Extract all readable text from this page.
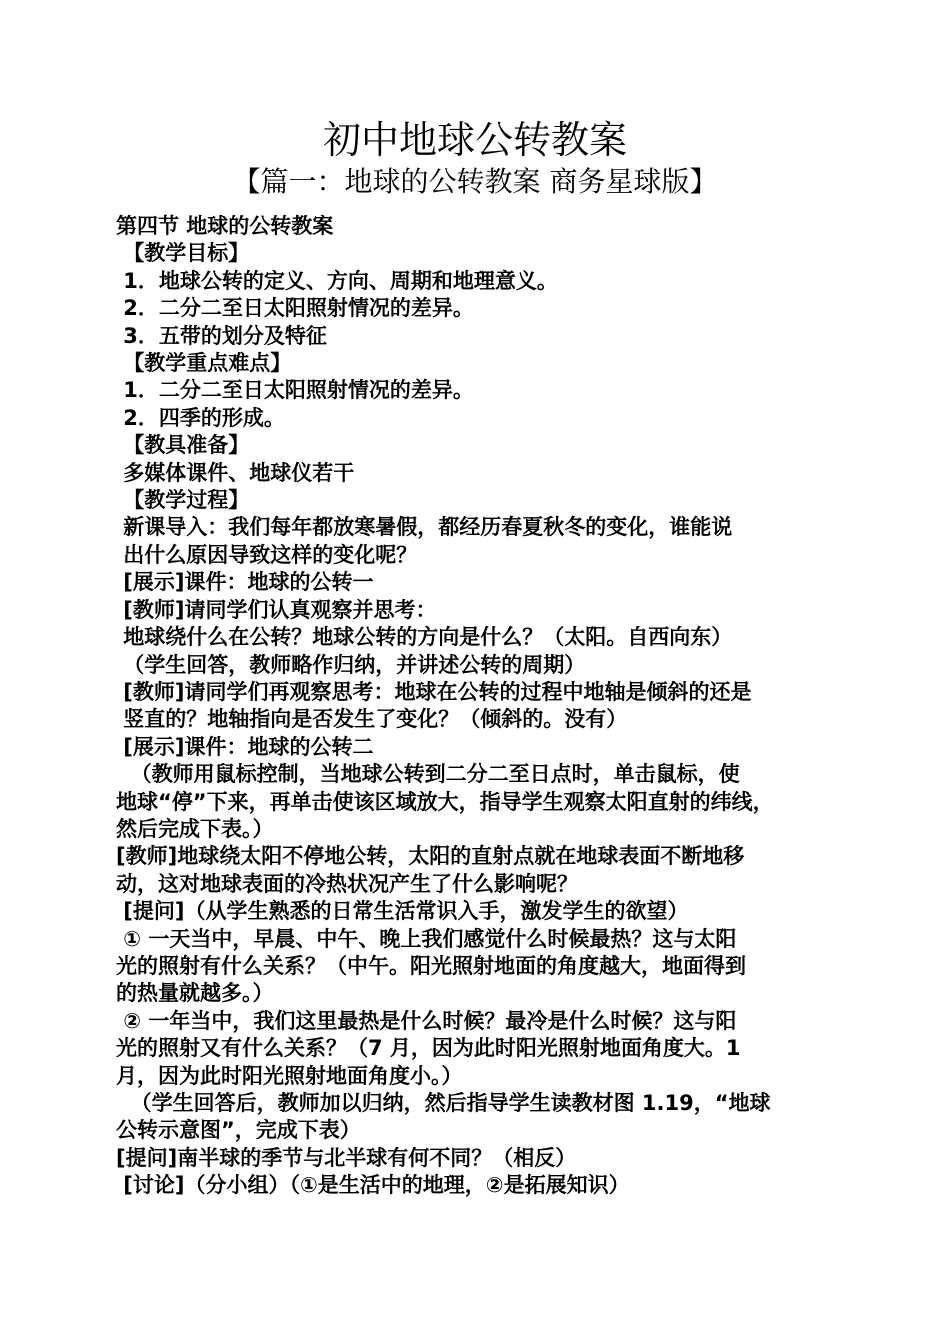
初中地球公转教案
【篇一：地球的公转教案 商务星球版】
第四节 地球的公转教案
【教学目标】
1．地球公转的定义、方向、周期和地理意义。
2．二分二至日太阳照射情况的差异。
3．五带的划分及特征
【教学重点难点】
1．二分二至日太阳照射情况的差异。
2．四季的形成。
【教具准备】
多媒体课件、地球仪若干
【教学过程】
新课导入：我们每年都放寒暑假，都经历春夏秋冬的变化，谁能说
出什么原因导致这样的变化呢？
[展示]课件：地球的公转一
[教师]请同学们认真观察并思考：
地球绕什么在公转？地球公转的方向是什么？（太阳。自西向东）
（学生回答，教师略作归纳，并讲述公转的周期）
[教师]请同学们再观察思考：地球在公转的过程中地轴是倾斜的还是
竖直的？地轴指向是否发生了变化？（倾斜的。没有）
[展示]课件：地球的公转二
（教师用鼠标控制，当地球公转到二分二至日点时，单击鼠标，使
地球“停”下来，再单击使该区域放大，指导学生观察太阳直射的纬线，
然后完成下表。）
[教师]地球绕太阳不停地公转，太阳的直射点就在地球表面不断地移
动，这对地球表面的冷热状况产生了什么影响呢？
[提问]（从学生熟悉的日常生活常识入手，激发学生的欲望）
① 一天当中，早晨、中午、晚上我们感觉什么时候最热？这与太阳
光的照射有什么关系？（中午。阳光照射地面的角度越大，地面得到
的热量就越多。）
② 一年当中，我们这里最热是什么时候？最冷是什么时候？这与阳
光的照射又有什么关系？（7 月，因为此时阳光照射地面角度大。1
月，因为此时阳光照射地面角度小。）
（学生回答后，教师加以归纳，然后指导学生读教材图 1.19，“地球
公转示意图”，完成下表）
[提问]南半球的季节与北半球有何不同？（相反）
[讨论]（分小组）（①是生活中的地理，②是拓展知识）
